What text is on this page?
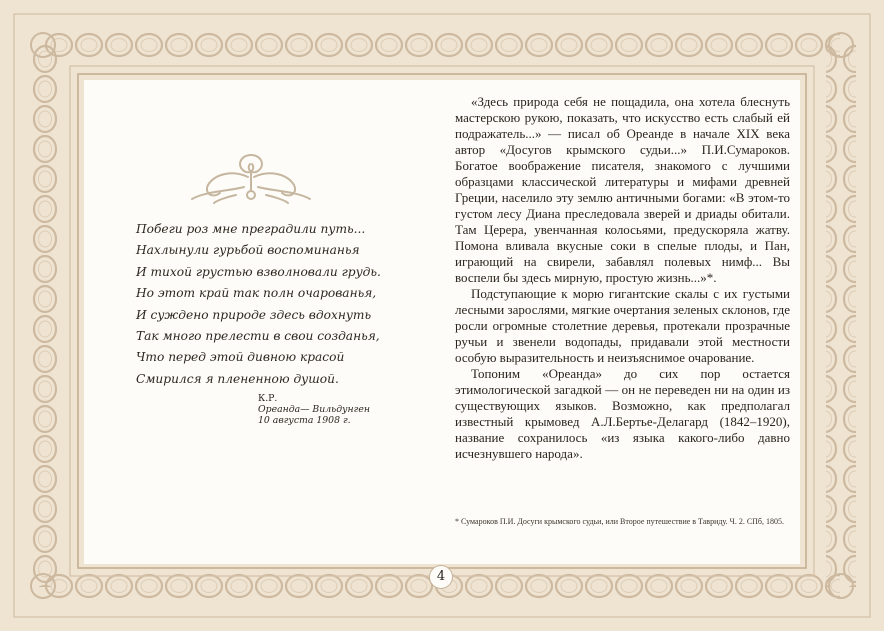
Побеги роз мне преградили путь...
Нахлынули гурьбой воспоминанья
И тихой грустью взволновали грудь.
Но этот край так полн очарованья,
И суждено природе здесь вдохнуть
Так много прелести в свои созданья,
Что перед этой дивною красой
Смирился я плененною душой.
К.Р.
Ореанда— Вильдунген
10 августа 1908 г.

«Здесь природа себя не пощадила, она хотела блеснуть мастерскою рукою, показать, что искусство есть слабый ей подражатель...» — писал об Ореанде в начале XIX века автор «Досугов крымского судьи...» П.И.Сумароков. Богатое воображение писателя, знакомого с лучшими образцами классической литературы и мифами древней Греции, населило эту землю античными богами: «В этом-то густом лесу Диана преследовала зверей и дриады обитали. Там Церера, увенчанная колосьями, предускоряла жатву. Помона вливала вкусные соки в спелые плоды, и Пан, играющий на свирели, забавлял полевых нимф... Вы воспели бы здесь мирную, простую жизнь...»*.

Подступающие к морю гигантские скалы с их густыми лесными зарослями, мягкие очертания зеленых склонов, где росли огромные столетние деревья, протекали прозрачные ручьи и звенели водопады, придавали этой местности особую выразительность и неизъяснимое очарование.

Топоним «Ореанда» до сих пор остается этимологической загадкой — он не переведен ни на один из существующих языков. Возможно, как предполагал известный крымовед А.Л.Бертье-Делагард (1842–1920), название сохранилось «из языка какого-либо давно исчезнувшего народа».

* Сумароков П.И. Досуги крымского судьи, или Второе путешествие в Тавриду. Ч. 2. СПб, 1805.
4
